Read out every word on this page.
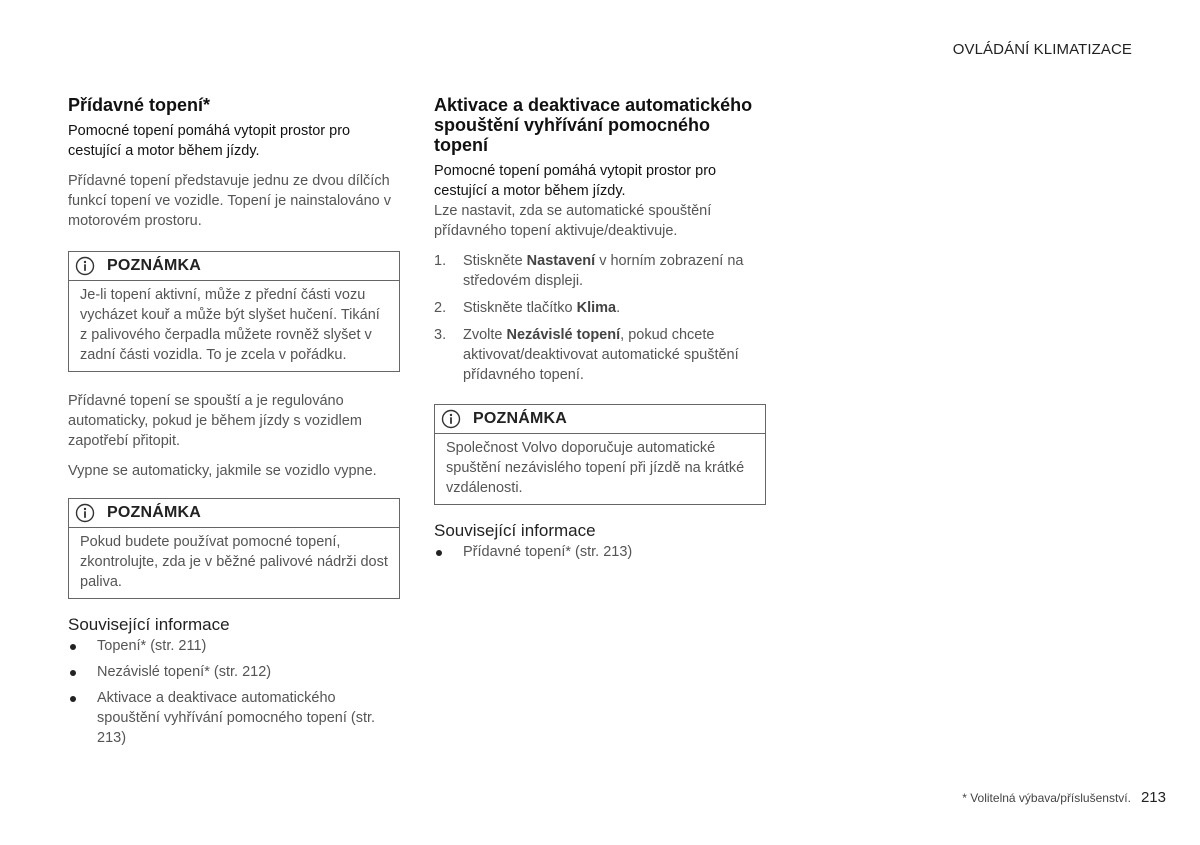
OVLÁDÁNÍ KLIMATIZACE
Přídavné topení*

Pomocné topení pomáhá vytopit prostor pro cestující a motor během jízdy.

Přídavné topení představuje jednu ze dvou dílčích funkcí topení ve vozidle. Topení je nainstalováno v motorovém prostoru.

POZNÁMKA
Je-li topení aktivní, může z přední části vozu vycházet kouř a může být slyšet hučení. Tikání z palivového čerpadla můžete rovněž slyšet v zadní části vozidla. To je zcela v pořádku.

Přídavné topení se spouští a je regulováno automaticky, pokud je během jízdy s vozidlem zapotřebí přitopit.

Vypne se automaticky, jakmile se vozidlo vypne.

POZNÁMKA
Pokud budete používat pomocné topení, zkontrolujte, zda je v běžné palivové nádrži dost paliva.
Související informace
Topení* (str. 211)
Nezávislé topení* (str. 212)
Aktivace a deaktivace automatického spouštění vyhřívání pomocného topení (str. 213)
Aktivace a deaktivace automatického spouštění vyhřívání pomocného topení

Pomocné topení pomáhá vytopit prostor pro cestující a motor během jízdy.

Lze nastavit, zda se automatické spouštění přídavného topení aktivuje/deaktivuje.

1. Stiskněte Nastavení v horním zobrazení na středovém displeji.
2. Stiskněte tlačítko Klima.
3. Zvolte Nezávislé topení, pokud chcete aktivovat/deaktivovat automatické spuštění přídavného topení.
POZNÁMKA
Společnost Volvo doporučuje automatické spuštění nezávislého topení při jízdě na krátké vzdálenosti.
Související informace
Přídavné topení* (str. 213)
* Volitelná výbava/příslušenství. 213
